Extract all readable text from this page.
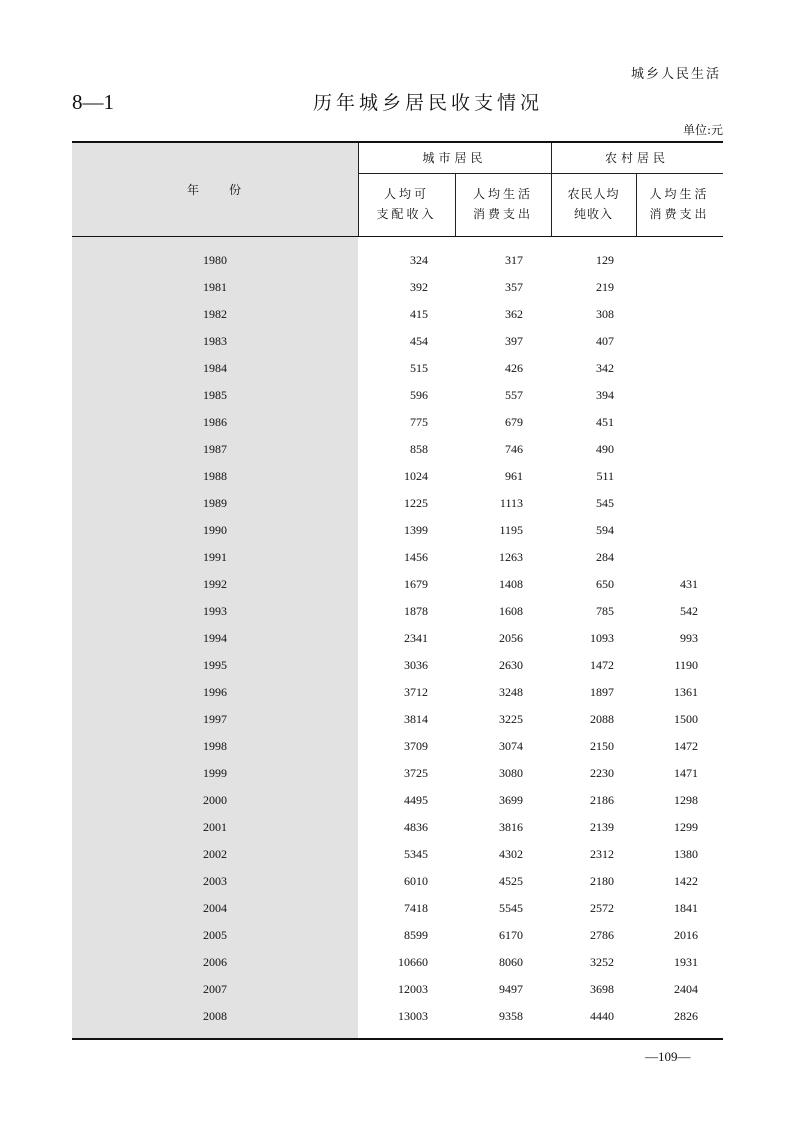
城乡人民生活
8—1	历年城乡居民收支情况
单位:元
年　　份
城市居民	农村居民
人均可
支配收入
人均生活
消费支出
农民人均
纯收入
人均生活
消费支出
1980	324	317	129
1981	392	357	219
1982	415	362	308
1983	454	397	407
1984	515	426	342
1985	596	557	394
1986	775	679	451
1987	858	746	490
1988	1024	961	511
1989	1225	1113	545
1990	1399	1195	594
1991	1456	1263	284
1992	1679	1408	650	431
1993	1878	1608	785	542
1994	2341	2056	1093	993
1995	3036	2630	1472	1190
1996	3712	3248	1897	1361
1997	3814	3225	2088	1500
1998	3709	3074	2150	1472
1999	3725	3080	2230	1471
2000	4495	3699	2186	1298
2001	4836	3816	2139	1299
2002	5345	4302	2312	1380
2003	6010	4525	2180	1422
2004	7418	5545	2572	1841
2005	8599	6170	2786	2016
2006	10660	8060	3252	1931
2007	12003	9497	3698	2404
2008	13003	9358	4440	2826
—109—
